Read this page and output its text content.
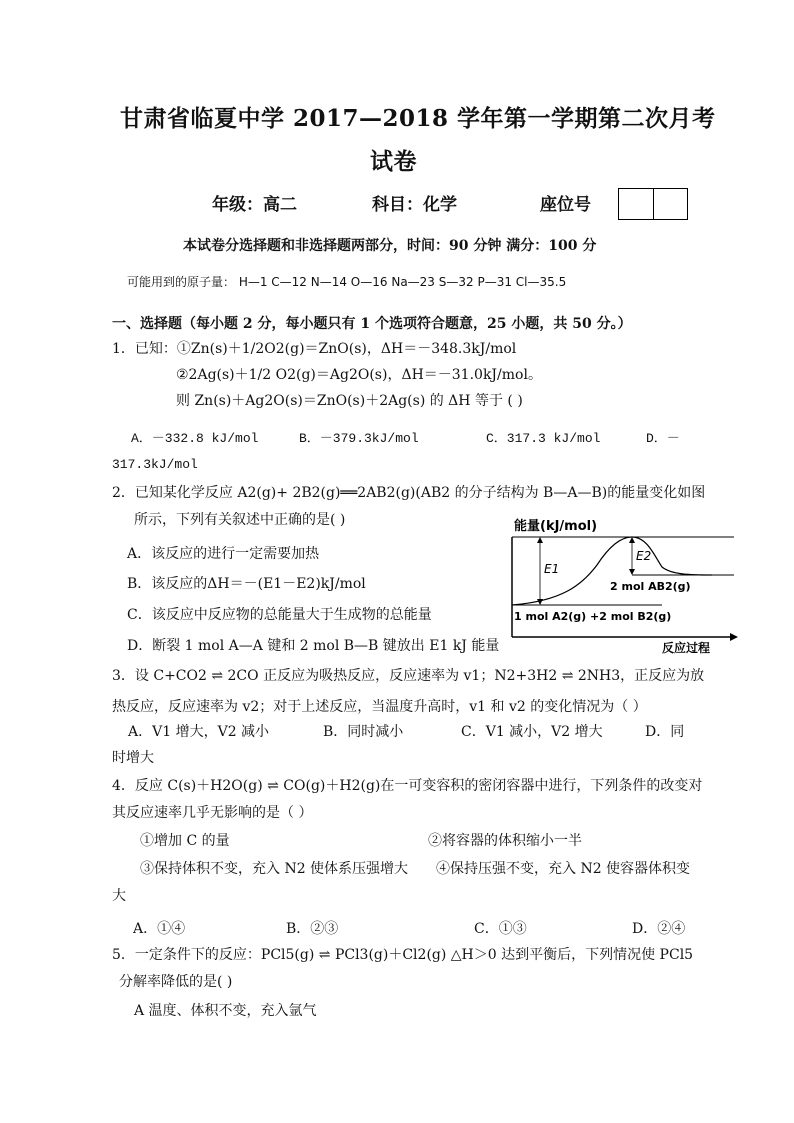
甘肃省临夏中学 2017—2018 学年第一学期第二次月考
试卷
年级：高二	科目：化学	座位号
本试卷分选择题和非选择题两部分，时间：90 分钟 满分：100 分
可能用到的原子量： H—1 C—12 N—14 O—16 Na—23 S—32 P—31 Cl—35.5
一、选择题（每小题 2 分，每小题只有 1 个选项符合题意，25 小题，共 50 分。）
1．已知：①Zn(s)＋1/2O2(g)＝ZnO(s)，ΔH＝－348.3kJ/mol
②2Ag(s)＋1/2 O2(g)＝Ag2O(s)，ΔH＝－31.0kJ/mol。
则 Zn(s)＋Ag2O(s)＝ZnO(s)＋2Ag(s) 的 ΔH 等于 ( )
A．－332.8 kJ/mol	B．－379.3kJ/mol	C．317.3 kJ/mol	D．－
317.3kJ/mol
2．已知某化学反应 A2(g)+ 2B2(g)══2AB2(g)(AB2 的分子结构为 B—A—B)的能量变化如图
所示，下列有关叙述中正确的是( )
A．该反应的进行一定需要加热
B．该反应的ΔH＝－(E1－E2)kJ/mol
C．该反应中反应物的总能量大于生成物的总能量
D．断裂 1 mol A—A 键和 2 mol B—B 键放出 E1 kJ 能量
能量(kJ/mol)
E1
E2
2 mol AB2(g)
1 mol A2(g) +2 mol B2(g)
反应过程
3．设 C+CO2 ⇌ 2CO 正反应为吸热反应，反应速率为 v1；N2+3H2 ⇌ 2NH3，正反应为放
热反应，反应速率为 v2；对于上述反应，当温度升高时，v1 和 v2 的变化情况为（ ）
A．V1 增大，V2 减小	B．同时减小	C．V1 减小，V2 增大	D．同
时增大
4．反应 C(s)＋H2O(g) ⇌ CO(g)＋H2(g)在一可变容积的密闭容器中进行，下列条件的改变对
其反应速率几乎无影响的是（ ）
①增加 C 的量	②将容器的体积缩小一半
③保持体积不变，充入 N2 使体系压强增大 ④保持压强不变，充入 N2 使容器体积变
大
A．①④	B．②③	C．①③	D．②④
5．一定条件下的反应：PCl5(g) ⇌ PCl3(g)＋Cl2(g) △H＞0 达到平衡后，下列情况使 PCl5
分解率降低的是( )
A 温度、体积不变，充入氩气
